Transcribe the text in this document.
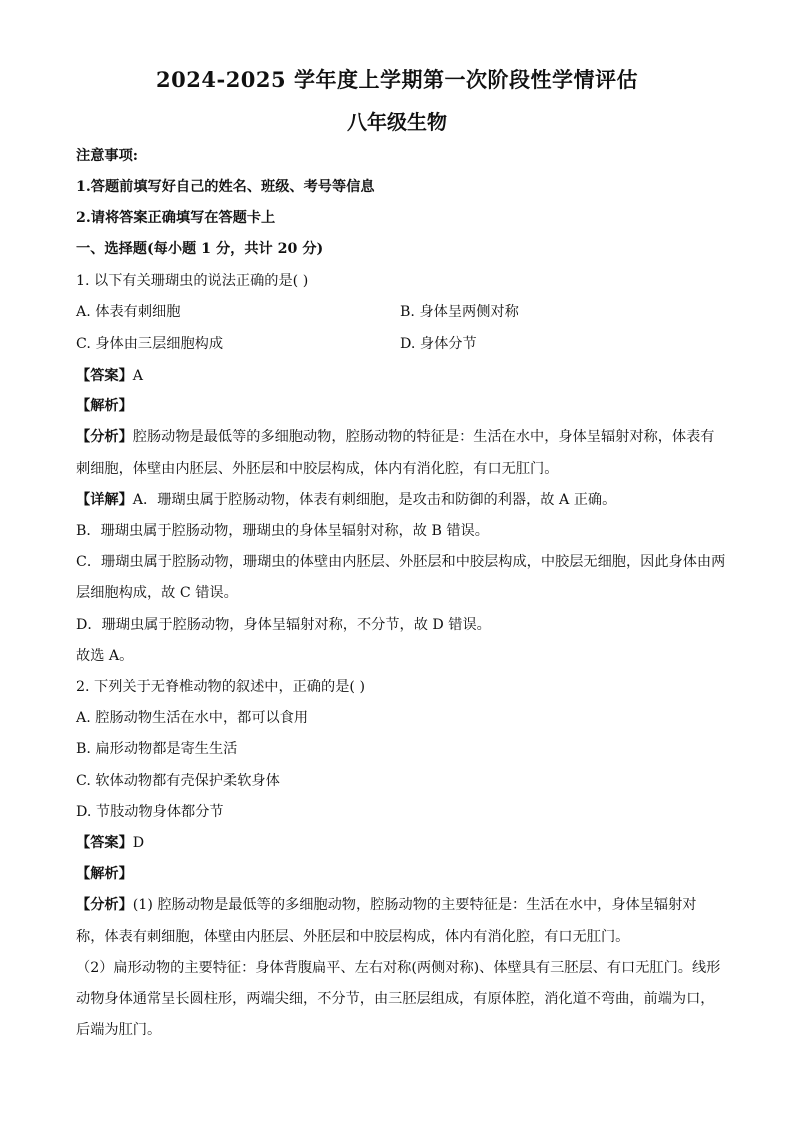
2024-2025 学年度上学期第一次阶段性学情评估
八年级生物
注意事项:
1.答题前填写好自己的姓名、班级、考号等信息
2.请将答案正确填写在答题卡上
一、选择题(每小题 1 分，共计 20 分)
1. 以下有关珊瑚虫的说法正确的是( )
A. 体表有刺细胞	B. 身体呈两侧对称
C. 身体由三层细胞构成	D. 身体分节
【答案】A
【解析】
【分析】腔肠动物是最低等的多细胞动物，腔肠动物的特征是：生活在水中，身体呈辐射对称，体表有
刺细胞，体壁由内胚层、外胚层和中胶层构成，体内有消化腔，有口无肛门。
【详解】A．珊瑚虫属于腔肠动物，体表有刺细胞，是攻击和防御的利器，故 A 正确。
B．珊瑚虫属于腔肠动物，珊瑚虫的身体呈辐射对称，故 B 错误。
C．珊瑚虫属于腔肠动物，珊瑚虫的体壁由内胚层、外胚层和中胶层构成，中胶层无细胞，因此身体由两
层细胞构成，故 C 错误。
D．珊瑚虫属于腔肠动物，身体呈辐射对称，不分节，故 D 错误。
故选 A。
2. 下列关于无脊椎动物的叙述中，正确的是( )
A. 腔肠动物生活在水中，都可以食用
B. 扁形动物都是寄生生活
C. 软体动物都有壳保护柔软身体
D. 节肢动物身体都分节
【答案】D
【解析】
【分析】(1) 腔肠动物是最低等的多细胞动物，腔肠动物的主要特征是：生活在水中，身体呈辐射对
称，体表有刺细胞，体壁由内胚层、外胚层和中胶层构成，体内有消化腔，有口无肛门。
（2）扁形动物的主要特征：身体背腹扁平、左右对称(两侧对称)、体壁具有三胚层、有口无肛门。线形
动物身体通常呈长圆柱形，两端尖细，不分节，由三胚层组成，有原体腔，消化道不弯曲，前端为口，
后端为肛门。
